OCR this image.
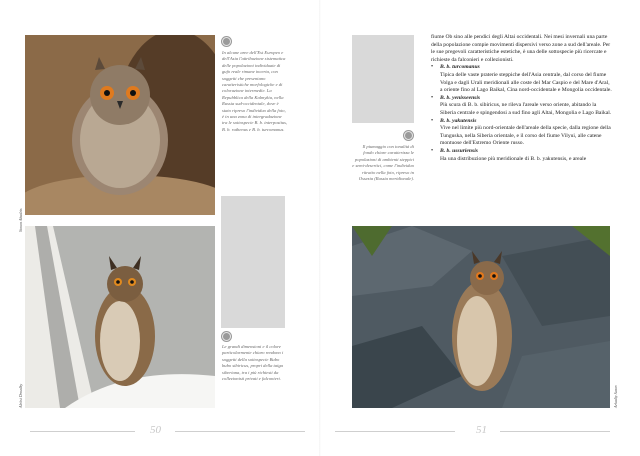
Simon Abadzis
In alcune aree dell'Est Europeo e dell'Asia l'attribuzione sistematica delle popolazioni individuate di gufo reale rimane incerta, con soggetti che presentano caratteristiche morfologiche e di colorazione intermedie. La Repubblica della Kalmykia, nella Russia sud-occidentale, dove è stato ripreso l'individuo della foto, è in una zona di intergradazione tra le sottospecie B. b. interpositus, B. b. ruthenus e B. b. turcomanus.
Aleksi Drozdky
Le grandi dimensioni e il colore particolarmente chiaro rendono i soggetti della sottospecie Bubo bubo sibiricus, propri della taiga siberiana, tra i più richiesti da collezionisti privati e falconieri.
50
Il piumaggio con tonalità di fondo chiare caratterizza le popolazioni di ambienti steppici e semi-desertici, come l'individuo ritratto nella foto, ripreso in Ossezia (Russia meridionale).

fiume Ob sino alle pendici degli Altai occidentali. Nei mesi invernali una parte della popolazione compie movimenti dispersivi verso zone a sud dell'areale. Per le sue pregevoli caratteristiche estetiche, è una delle sottospecie più ricercate e richieste da falconieri e collezionisti.

•	B. b. turcomanus
Tipica delle vaste praterie steppiche dell'Asia centrale, dal corso del fiume Volga e dagli Urali meridionali alle coste del Mar Caspio e del Mare d'Aral, a oriente fino al Lago Baikal, Cina nord-occidentale e Mongolia occidentale.
•	B. b. yenisseensis
Più scura di B. b. sibiricus, ne rileva l'areale verso oriente, abitando la Siberia centrale e spingendosi a sud fino agli Altai, Mongolia e Lago Baikal.
•	B. b. yakutensis
Vive nel limite più nord-orientale dell'areale della specie, dalla regione della Tunguska, nella Siberia orientale, e il corso del fiume Vilyui, alle catene montuose dell'Estremo Oriente russo.
•	B. b. ussuriensis
Ha una distribuzione più meridionale di B. b. yakutensis, e areale
Arkadiy Sazov
51
